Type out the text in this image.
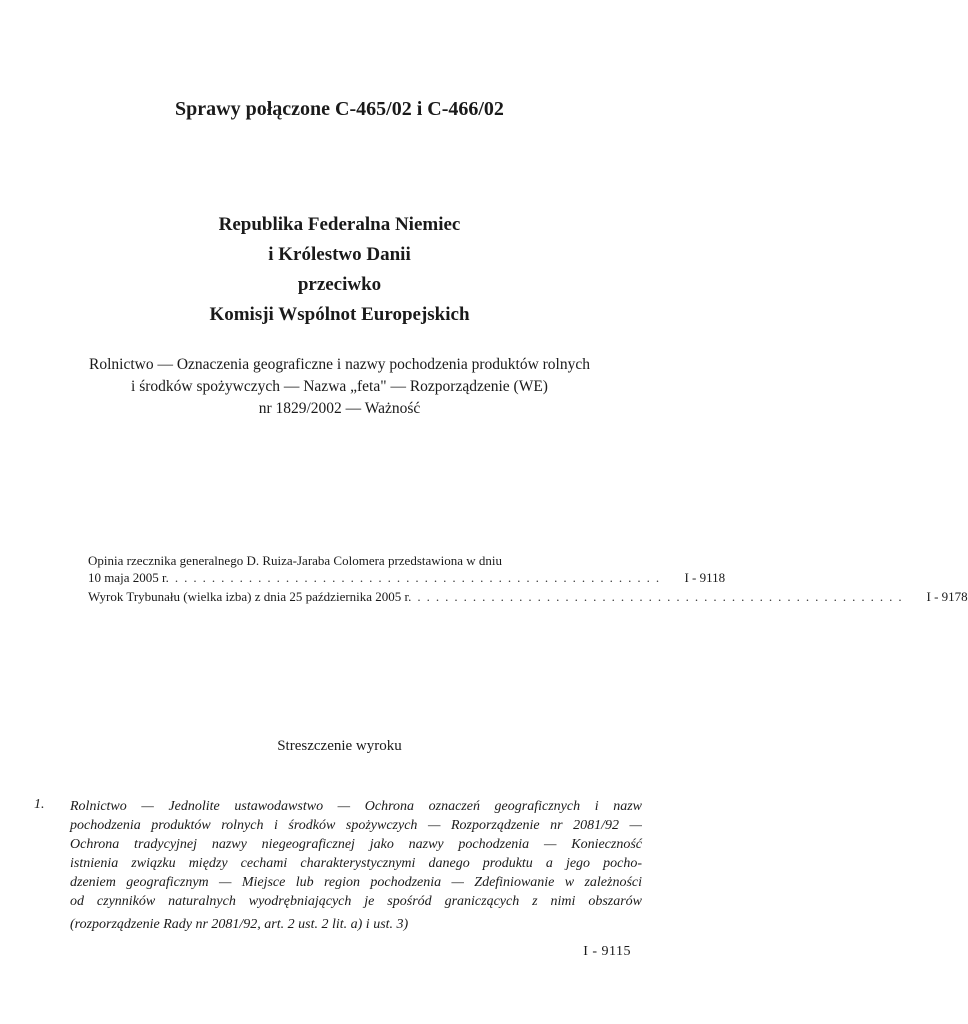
Sprawy połączone C-465/02 i C-466/02
Republika Federalna Niemiec
i Królestwo Danii
przeciwko
Komisji Wspólnot Europejskich
Rolnictwo — Oznaczenia geograficzne i nazwy pochodzenia produktów rolnych
i środków spożywczych — Nazwa „feta" — Rozporządzenie (WE)
nr 1829/2002 — Ważność
Opinia rzecznika generalnego D. Ruiza-Jaraba Colomera przedstawiona w dniu
10 maja 2005 r. .....................................................	I - 9118
Wyrok Trybunału (wielka izba) z dnia 25 października 2005 r. .....................................................	I - 9178
Streszczenie wyroku
1. Rolnictwo — Jednolite ustawodawstwo — Ochrona oznaczeń geograficznych i nazw
pochodzenia produktów rolnych i środków spożywczych — Rozporządzenie nr 2081/92 —
Ochrona tradycyjnej nazwy niegeograficznej jako nazwy pochodzenia — Konieczność
istnienia związku między cechami charakterystycznymi danego produktu a jego pocho-
dzeniem geograficznym — Miejsce lub region pochodzenia — Zdefiniowanie w zależności
od czynników naturalnych wyodrębniających je spośród graniczących z nimi obszarów
(rozporządzenie Rady nr 2081/92, art. 2 ust. 2 lit. a) i ust. 3)
I - 9115
